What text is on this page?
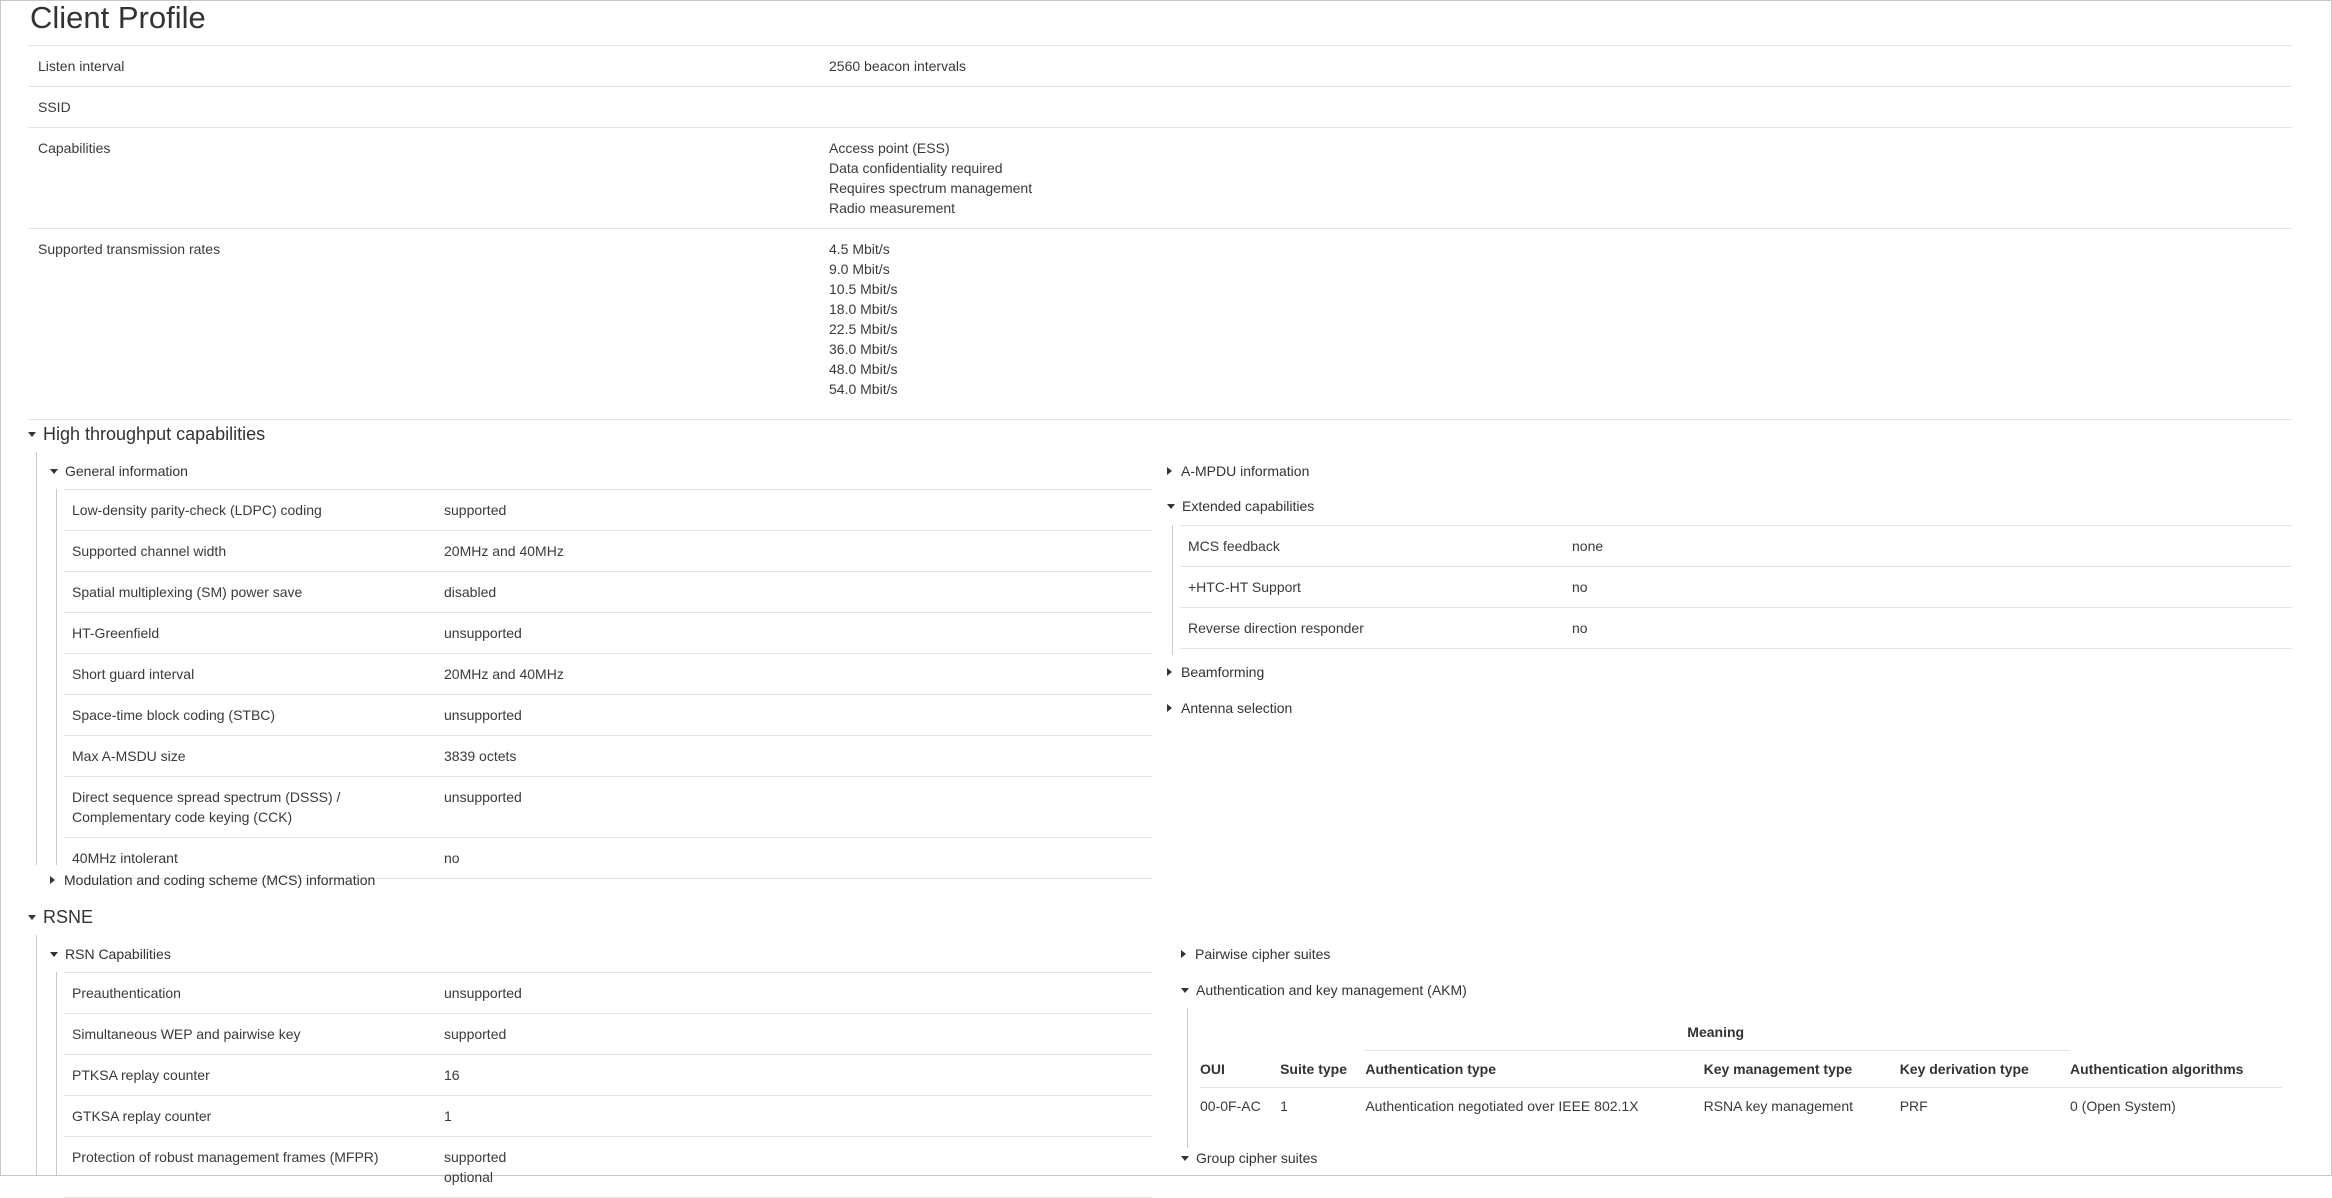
Client Profile
Listen interval	2560 beacon intervals
SSID
Capabilities	Access point (ESS)
Data confidentiality required
Requires spectrum management
Radio measurement
Supported transmission rates	4.5 Mbit/s
9.0 Mbit/s
10.5 Mbit/s
18.0 Mbit/s
22.5 Mbit/s
36.0 Mbit/s
48.0 Mbit/s
54.0 Mbit/s
High throughput capabilities
General information
Low-density parity-check (LDPC) coding	supported
Supported channel width	20MHz and 40MHz
Spatial multiplexing (SM) power save	disabled
HT-Greenfield	unsupported
Short guard interval	20MHz and 40MHz
Space-time block coding (STBC)	unsupported
Max A-MSDU size	3839 octets
Direct sequence spread spectrum (DSSS) / Complementary code keying (CCK)
unsupported
40MHz intolerant	no
Modulation and coding scheme (MCS) information
A-MPDU information
Extended capabilities
MCS feedback	none
+HTC-HT Support	no
Reverse direction responder	no
Beamforming
Antenna selection
RSNE
RSN Capabilities
Preauthentication	unsupported
Simultaneous WEP and pairwise key	supported
PTKSA replay counter	16
GTKSA replay counter	1
Protection of robust management frames (MFPR)	supported
optional
Pairwise cipher suites
Authentication and key management (AKM)
		Meaning			
OUI	Suite type	Authentication type	Key management type	Key derivation type	Authentication algorithms
00-0F-AC	1	Authentication negotiated over IEEE 802.1X	RSNA key management	PRF	0 (Open System)
Group cipher suites
